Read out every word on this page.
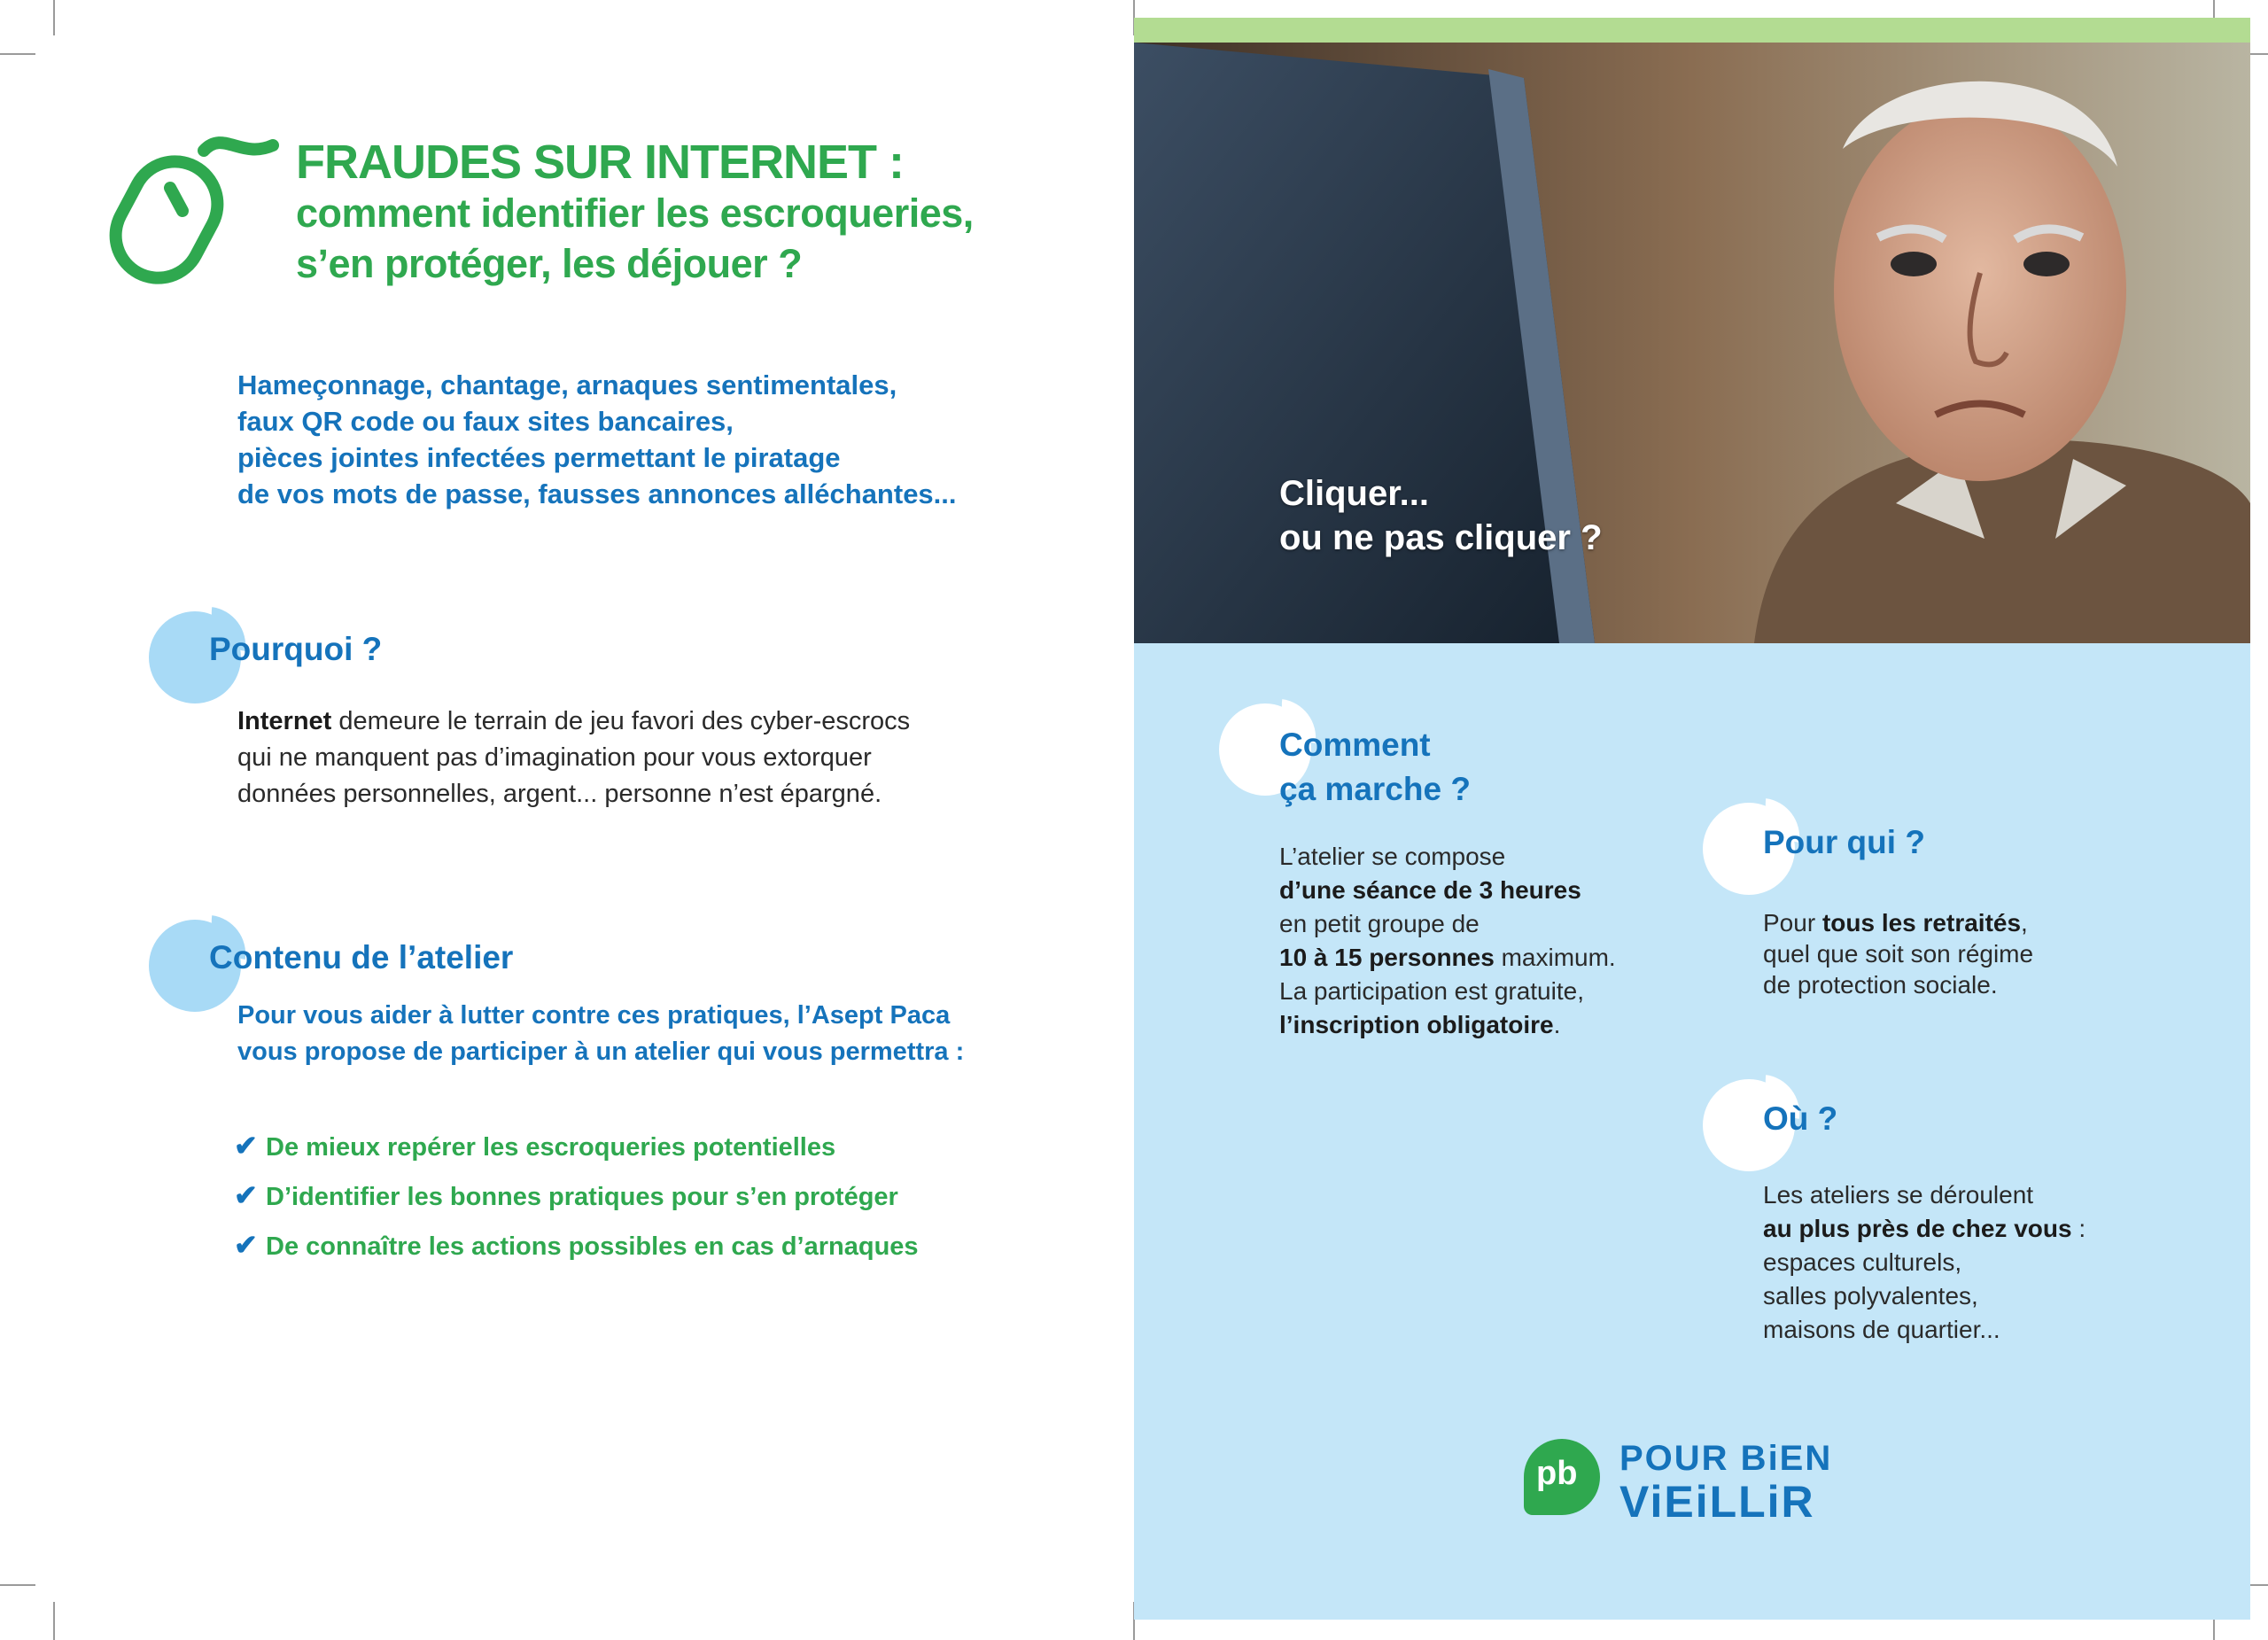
FRAUDES SUR INTERNET :
comment identifier les escroqueries,
s’en protéger, les déjouer ?
Hameçonnage, chantage, arnaques sentimentales,
faux QR code ou faux sites bancaires,
pièces jointes infectées permettant le piratage
de vos mots de passe, fausses annonces alléchantes...
Pourquoi ?
Internet demeure le terrain de jeu favori des cyber-escrocs
qui ne manquent pas d’imagination pour vous extorquer
données personnelles, argent... personne n’est épargné.
Contenu de l’atelier
Pour vous aider à lutter contre ces pratiques, l’Asept Paca
vous propose de participer à un atelier qui vous permettra :
✔ De mieux repérer les escroqueries potentielles
✔ D’identifier les bonnes pratiques pour s’en protéger
✔ De connaître les actions possibles en cas d’arnaques
Cliquer...
ou ne pas cliquer ?
Comment
ça marche ?
L’atelier se compose
d’une séance de 3 heures
en petit groupe de
10 à 15 personnes maximum.
La participation est gratuite,
l’inscription obligatoire.
Pour qui ?
Pour tous les retraités,
quel que soit son régime
de protection sociale.
Où ?
Les ateliers se déroulent
au plus près de chez vous :
espaces culturels,
salles polyvalentes,
maisons de quartier...
pb POUR BiEN
ViEiLLiR
